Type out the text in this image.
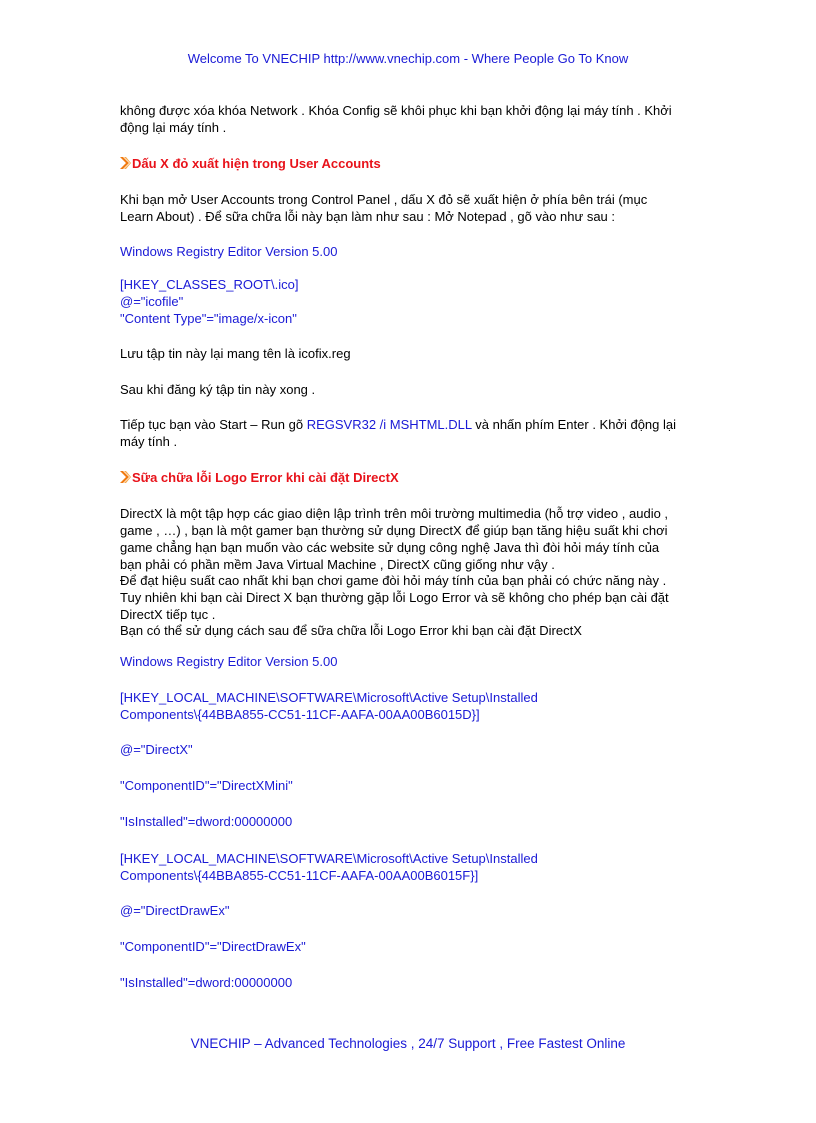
Welcome To VNECHIP http://www.vnechip.com - Where People Go To Know
không được xóa khóa Network . Khóa Config sẽ khôi phục khi bạn khởi động lại máy tính . Khởi
động lại máy tính .
Dấu X đỏ xuất hiện trong User Accounts
Khi bạn mở User Accounts trong Control Panel , dấu X đỏ sẽ xuất hiện ở phía bên trái (mục
Learn About) . Để sữa chữa lỗi này bạn làm như sau : Mở Notepad , gõ vào như sau :
Windows Registry Editor Version 5.00
[HKEY_CLASSES_ROOT\.ico]
@="icofile"
"Content Type"="image/x-icon"
Lưu tập tin này lại mang tên là icofix.reg
Sau khi đăng ký tập tin này xong .
Tiếp tục bạn vào Start – Run gõ REGSVR32 /i MSHTML.DLL và nhấn phím Enter . Khởi động lại
máy tính .
Sữa chữa lỗi Logo Error khi cài đặt DirectX
DirectX là một tập hợp các giao diện lập trình trên môi trường multimedia (hỗ trợ video , audio ,
game , …) , bạn là một gamer bạn thường sử dụng DirectX để giúp bạn tăng hiệu suất khi chơi
game chẳng hạn bạn muốn vào các website sử dụng công nghệ Java thì đòi hỏi máy tính của
bạn phải có phần mềm Java Virtual Machine , DirectX cũng giống như vậy .
Để đạt hiệu suất cao nhất khi bạn chơi game đòi hỏi máy tính của bạn phải có chức năng này .
Tuy nhiên khi bạn cài Direct X bạn thường gặp lỗi Logo Error và sẽ không cho phép bạn cài đặt
DirectX tiếp tục .
Bạn có thể sử dụng cách sau để sữa chữa lỗi Logo Error khi bạn cài đặt DirectX
Windows Registry Editor Version 5.00
[HKEY_LOCAL_MACHINE\SOFTWARE\Microsoft\Active Setup\Installed
Components\{44BBA855-CC51-11CF-AAFA-00AA00B6015D}]
@="DirectX"
"ComponentID"="DirectXMini"
"IsInstalled"=dword:00000000
[HKEY_LOCAL_MACHINE\SOFTWARE\Microsoft\Active Setup\Installed
Components\{44BBA855-CC51-11CF-AAFA-00AA00B6015F}]
@="DirectDrawEx"
"ComponentID"="DirectDrawEx"
"IsInstalled"=dword:00000000
VNECHIP – Advanced Technologies , 24/7 Support , Free Fastest Online
